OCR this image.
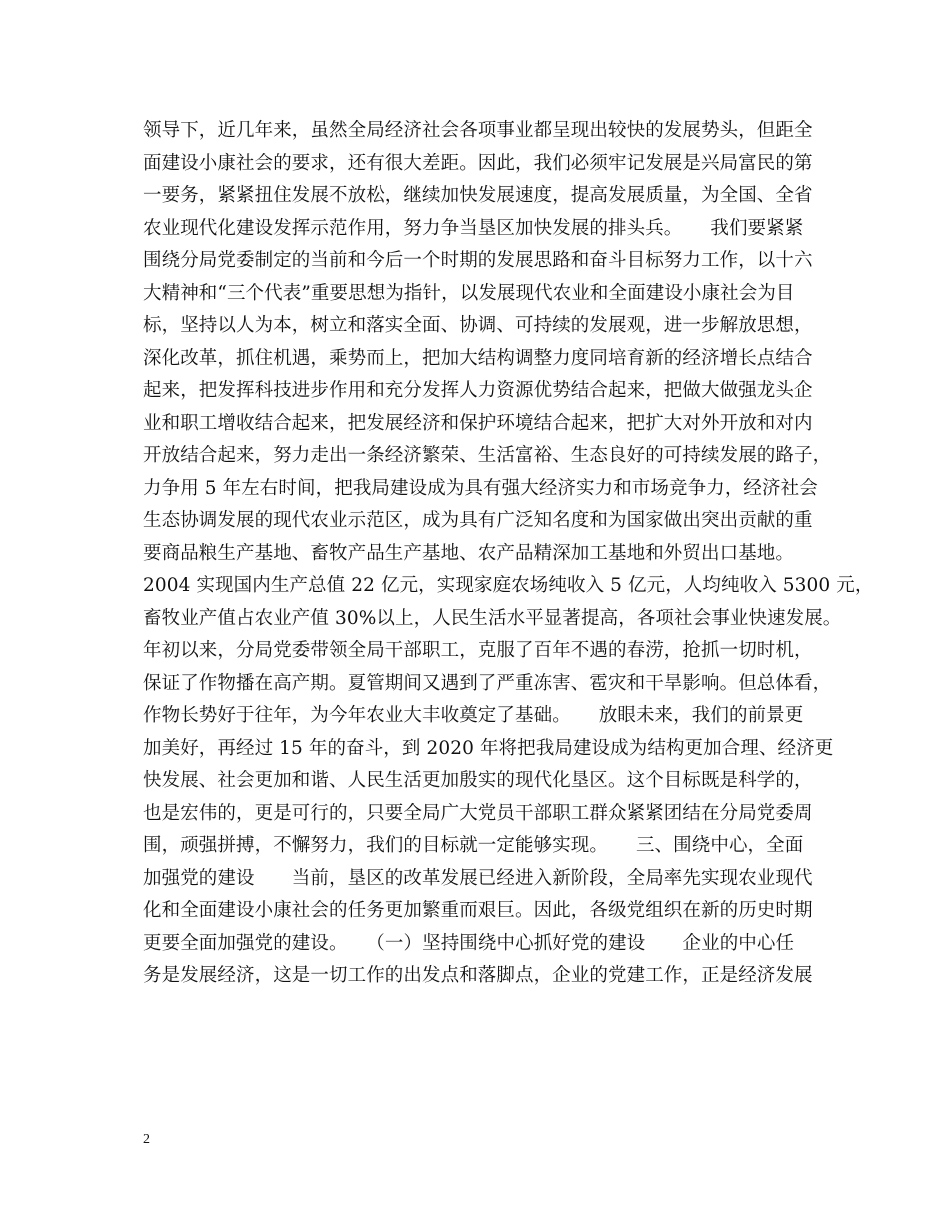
领导下，近几年来，虽然全局经济社会各项事业都呈现出较快的发展势头，但距全
面建设小康社会的要求，还有很大差距。因此，我们必须牢记发展是兴局富民的第
一要务，紧紧扭住发展不放松，继续加快发展速度，提高发展质量，为全国、全省
农业现代化建设发挥示范作用，努力争当垦区加快发展的排头兵。　　我们要紧紧
围绕分局党委制定的当前和今后一个时期的发展思路和奋斗目标努力工作，以十六
大精神和“三个代表”重要思想为指针，以发展现代农业和全面建设小康社会为目
标，坚持以人为本，树立和落实全面、协调、可持续的发展观，进一步解放思想，
深化改革，抓住机遇，乘势而上，把加大结构调整力度同培育新的经济增长点结合
起来，把发挥科技进步作用和充分发挥人力资源优势结合起来，把做大做强龙头企
业和职工增收结合起来，把发展经济和保护环境结合起来，把扩大对外开放和对内
开放结合起来，努力走出一条经济繁荣、生活富裕、生态良好的可持续发展的路子，
力争用 5 年左右时间，把我局建设成为具有强大经济实力和市场竞争力，经济社会
生态协调发展的现代农业示范区，成为具有广泛知名度和为国家做出突出贡献的重
要商品粮生产基地、畜牧产品生产基地、农产品精深加工基地和外贸出口基地。
2004 实现国内生产总值 22 亿元，实现家庭农场纯收入 5 亿元，人均纯收入 5300 元，
畜牧业产值占农业产值 30%以上，人民生活水平显著提高，各项社会事业快速发展。
年初以来，分局党委带领全局干部职工，克服了百年不遇的春涝，抢抓一切时机，
保证了作物播在高产期。夏管期间又遇到了严重冻害、雹灾和干旱影响。但总体看，
作物长势好于往年，为今年农业大丰收奠定了基础。　　放眼未来，我们的前景更
加美好，再经过 15 年的奋斗，到 2020 年将把我局建设成为结构更加合理、经济更
快发展、社会更加和谐、人民生活更加殷实的现代化垦区。这个目标既是科学的，
也是宏伟的，更是可行的，只要全局广大党员干部职工群众紧紧团结在分局党委周
围，顽强拼搏，不懈努力，我们的目标就一定能够实现。　　三、围绕中心，全面
加强党的建设　　当前，垦区的改革发展已经进入新阶段，全局率先实现农业现代
化和全面建设小康社会的任务更加繁重而艰巨。因此，各级党组织在新的历史时期
更要全面加强党的建设。　　（一）坚持围绕中心抓好党的建设　　企业的中心任
务是发展经济，这是一切工作的出发点和落脚点，企业的党建工作，正是经济发展
2
